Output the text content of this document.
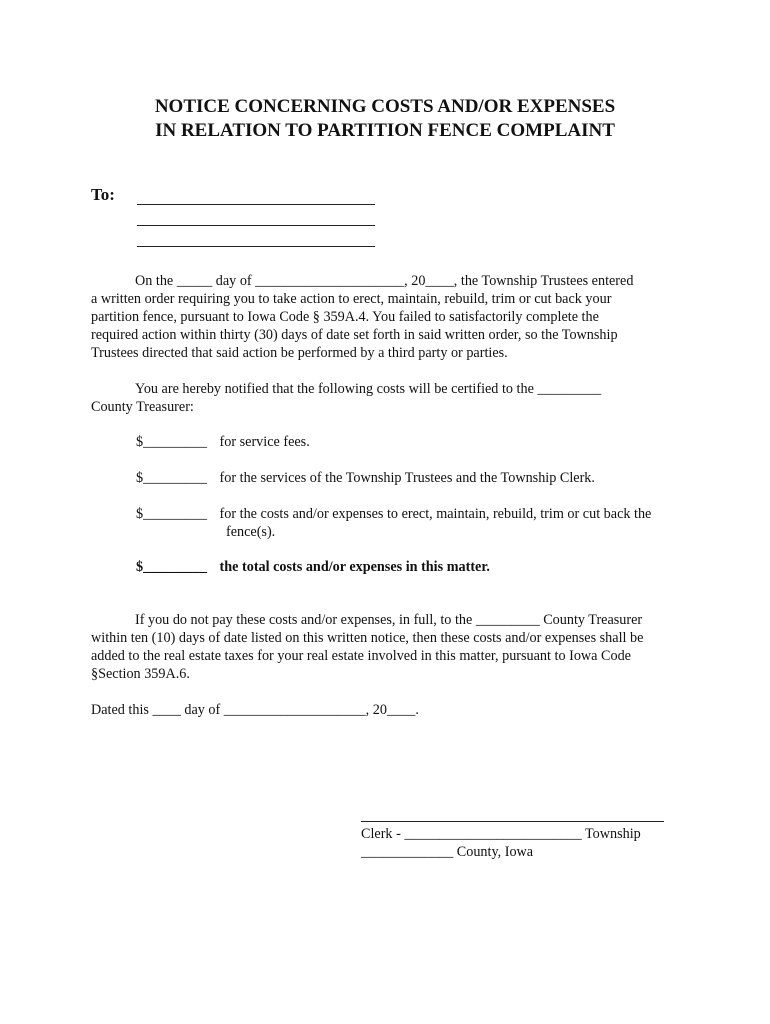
NOTICE CONCERNING COSTS AND/OR EXPENSES
IN RELATION TO PARTITION FENCE COMPLAINT
To:
On the _____ day of _____________________, 20____, the Township Trustees entered
a written order requiring you to take action to erect, maintain, rebuild, trim or cut back your
partition fence, pursuant to Iowa Code § 359A.4. You failed to satisfactorily complete the
required action within thirty (30) days of date set forth in said written order, so the Township
Trustees directed that said action be performed by a third party or parties.
You are hereby notified that the following costs will be certified to the _________
County Treasurer:
$_________ for service fees.
$_________ for the services of the Township Trustees and the Township Clerk.
$_________ for the costs and/or expenses to erect, maintain, rebuild, trim or cut back the
fence(s).
$_________ the total costs and/or expenses in this matter.
If you do not pay these costs and/or expenses, in full, to the _________ County Treasurer
within ten (10) days of date listed on this written notice, then these costs and/or expenses shall be
added to the real estate taxes for your real estate involved in this matter, pursuant to Iowa Code
§Section 359A.6.
Dated this ____ day of ____________________, 20____.
Clerk - _________________________ Township
_____________ County, Iowa
